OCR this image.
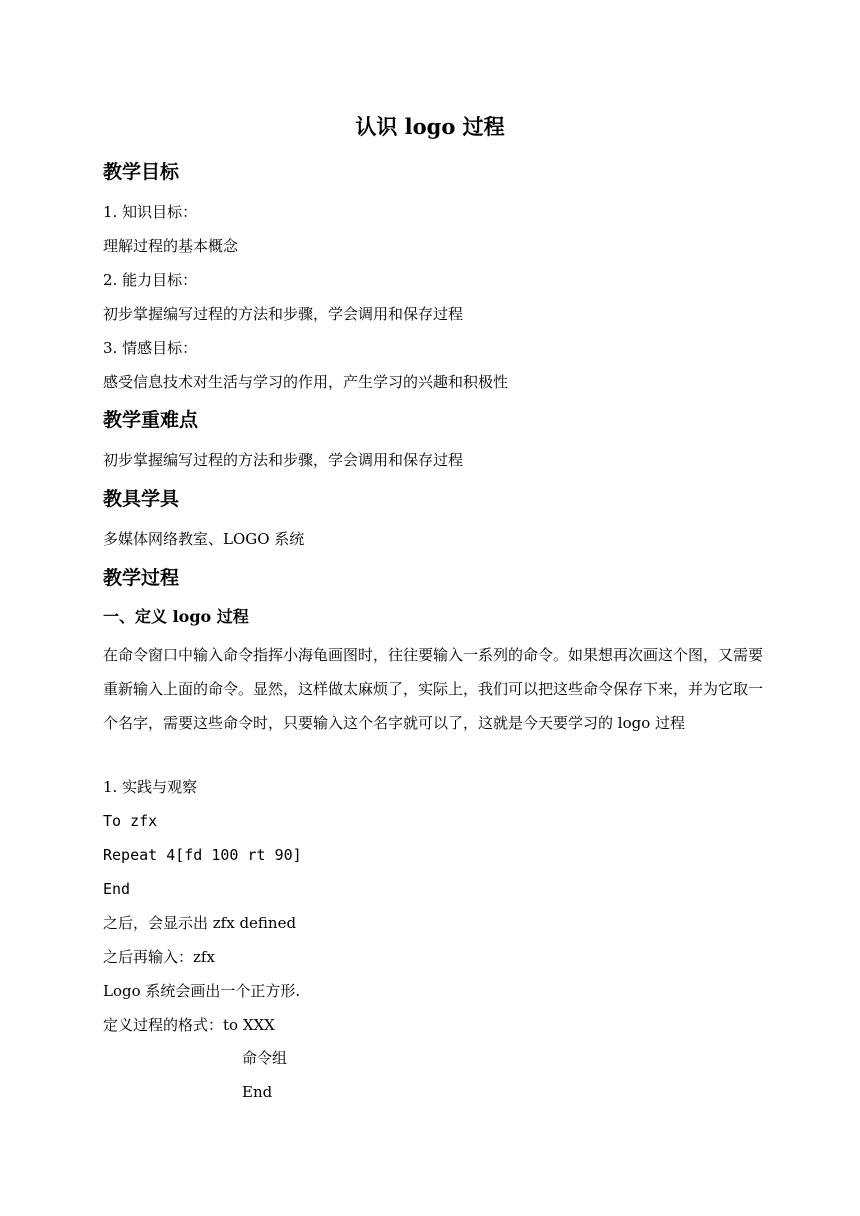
认识 logo 过程
教学目标
1. 知识目标：
理解过程的基本概念
2. 能力目标：
初步掌握编写过程的方法和步骤，学会调用和保存过程
3. 情感目标：
感受信息技术对生活与学习的作用，产生学习的兴趣和积极性
教学重难点
初步掌握编写过程的方法和步骤，学会调用和保存过程
教具学具
多媒体网络教室、LOGO 系统
教学过程
一、定义 logo 过程
在命令窗口中输入命令指挥小海龟画图时，往往要输入一系列的命令。如果想再次画这个图，又需要重新输入上面的命令。显然，这样做太麻烦了，实际上，我们可以把这些命令保存下来，并为它取一个名字，需要这些命令时，只要输入这个名字就可以了，这就是今天要学习的 logo 过程
1. 实践与观察
To zfx
Repeat 4[fd 100 rt 90]
End
之后，会显示出 zfx defined
之后再输入：zfx
Logo 系统会画出一个正方形.
定义过程的格式：to XXX
命令组
End
